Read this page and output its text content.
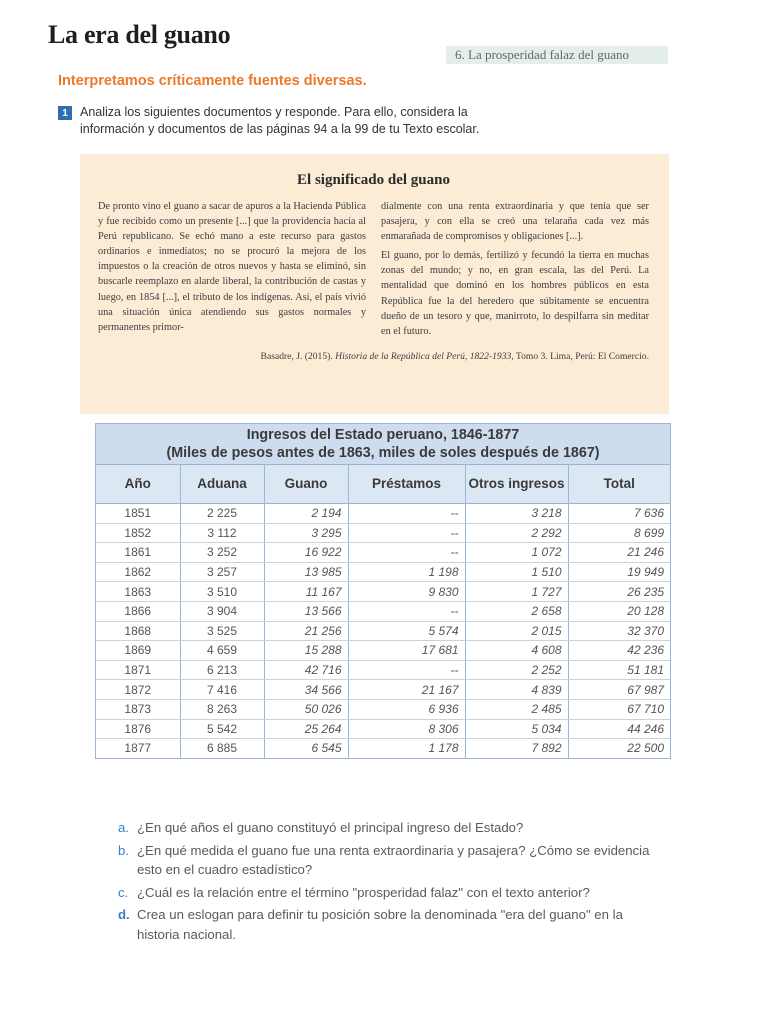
La era del guano
6. La prosperidad falaz del guano
Interpretamos críticamente fuentes diversas.
1 Analiza los siguientes documentos y responde. Para ello, considera la información y documentos de las páginas 94 a la 99 de tu Texto escolar.
El significado del guano

De pronto vino el guano a sacar de apuros a la Hacienda Pública y fue recibido como un presente [...] que la providencia hacía al Perú republicano. Se echó mano a este recurso para gastos ordinarios e inmediatos; no se procuró la mejora de los impuestos o la creación de otros nuevos y hasta se eliminó, sin buscarle reemplazo en alarde liberal, la contribución de castas y luego, en 1854 [...], el tributo de los indígenas. Así, el país vivió una situación única atendiendo sus gastos normales y permanentes primor-

dialmente con una renta extraordinaria y que tenía que ser pasajera, y con ella se creó una telaraña cada vez más enmarañada de compromisos y obligaciones [...].

El guano, por lo demás, fertilizó y fecundó la tierra en muchas zonas del mundo; y no, en gran escala, las del Perú. La mentalidad que dominó en los hombres públicos en esta República fue la del heredero que súbitamente se encuentra dueño de un tesoro y que, manirroto, lo despilfarra sin meditar en el futuro.

Basadre, J. (2015). Historia de la República del Perú, 1822-1933, Tomo 3. Lima, Perú: El Comercio.
Ingresos del Estado peruano, 1846-1877
(Miles de pesos antes de 1863, miles de soles después de 1867)
Año	Aduana	Guano	Préstamos	Otros ingresos	Total
1851	2 225	2 194	--	3 218	7 636
1852	3 112	3 295	--	2 292	8 699
1861	3 252	16 922	--	1 072	21 246
1862	3 257	13 985	1 198	1 510	19 949
1863	3 510	11 167	9 830	1 727	26 235
1866	3 904	13 566	--	2 658	20 128
1868	3 525	21 256	5 574	2 015	32 370
1869	4 659	15 288	17 681	4 608	42 236
1871	6 213	42 716	--	2 252	51 181
1872	7 416	34 566	21 167	4 839	67 987
1873	8 263	50 026	6 936	2 485	67 710
1876	5 542	25 264	8 306	5 034	44 246
1877	6 885	6 545	1 178	7 892	22 500
a. ¿En qué años el guano constituyó el principal ingreso del Estado?
b. ¿En qué medida el guano fue una renta extraordinaria y pasajera? ¿Cómo se evidencia esto en el cuadro estadístico?
c. ¿Cuál es la relación entre el término "prosperidad falaz" con el texto anterior?
d. Crea un eslogan para definir tu posición sobre la denominada "era del guano" en la historia nacional.
